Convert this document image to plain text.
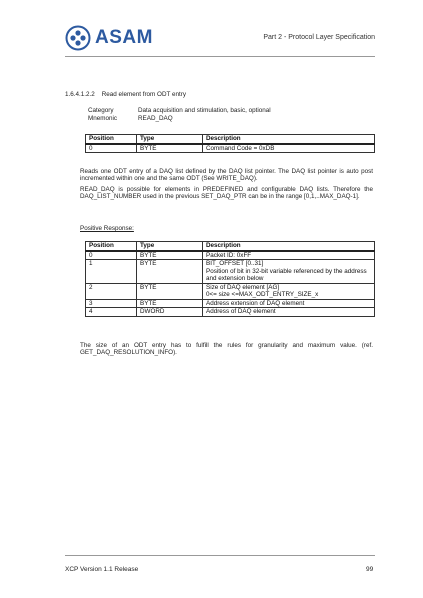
ASAM	Part 2 - Protocol Layer Specification
1.6.4.1.2.2    Read element from ODT entry
Category	Data acquisition and stimulation, basic, optional
Mnemonic	READ_DAQ
Position	Type	Description
0	BYTE	Command Code = 0xDB
Reads one ODT entry of a DAQ list defined by the DAQ list pointer. The DAQ list pointer is auto post incremented within one and the same ODT (See WRITE_DAQ).
READ_DAQ is possible for elements in PREDEFINED and configurable DAQ lists. Therefore the DAQ_LIST_NUMBER used in the previous SET_DAQ_PTR can be in the range [0,1,..MAX_DAQ-1].
Positive Response:
Position	Type	Description
0	BYTE	Packet ID: 0xFF

1	BYTE	BIT_OFFSET [0..31]
Position of bit in 32-bit variable referenced by the address and extension below

2	BYTE	Size of DAQ element [AG]
0<= size <=MAX_ODT_ENTRY_SIZE_x

3	BYTE	Address extension of DAQ element

4	DWORD	Address of DAQ element
The size of an ODT entry has to fulfill the rules for granularity and maximum value. (ref. GET_DAQ_RESOLUTION_INFO).
XCP Version 1.1 Release	99
